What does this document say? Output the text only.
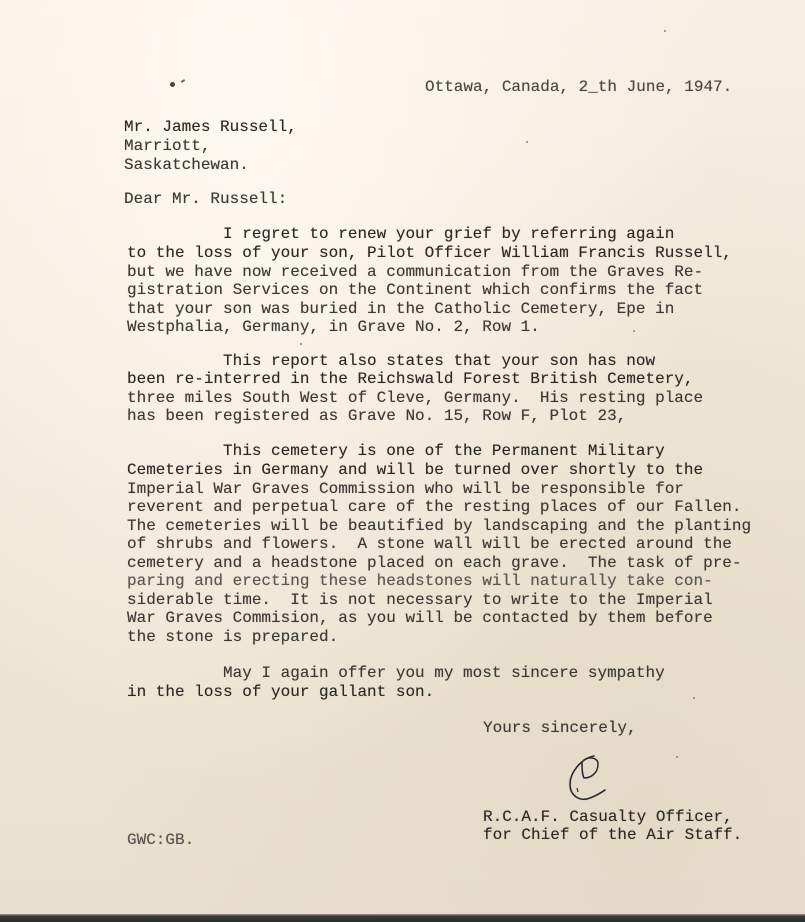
Ottawa, Canada, 2_th June, 1947.
Mr. James Russell,
Marriott,
Saskatchewan.
Dear Mr. Russell:
I regret to renew your grief by referring again
to the loss of your son, Pilot Officer William Francis Russell,
but we have now received a communication from the Graves Re-
gistration Services on the Continent which confirms the fact
that your son was buried in the Catholic Cemetery, Epe in
Westphalia, Germany, in Grave No. 2, Row 1.
This report also states that your son has now
been re-interred in the Reichswald Forest British Cemetery,
three miles South West of Cleve, Germany.  His resting place
has been registered as Grave No. 15, Row F, Plot 23,
This cemetery is one of the Permanent Military
Cemeteries in Germany and will be turned over shortly to the
Imperial War Graves Commission who will be responsible for
reverent and perpetual care of the resting places of our Fallen.
The cemeteries will be beautified by landscaping and the planting
of shrubs and flowers.  A stone wall will be erected around the
cemetery and a headstone placed on each grave.  The task of pre-
paring and erecting these headstones will naturally take con-
siderable time.  It is not necessary to write to the Imperial
War Graves Commision, as you will be contacted by them before
the stone is prepared.
May I again offer you my most sincere sympathy
in the loss of your gallant son.
Yours sincerely,
R.C.A.F. Casualty Officer,
for Chief of the Air Staff.
GWC:GB.
